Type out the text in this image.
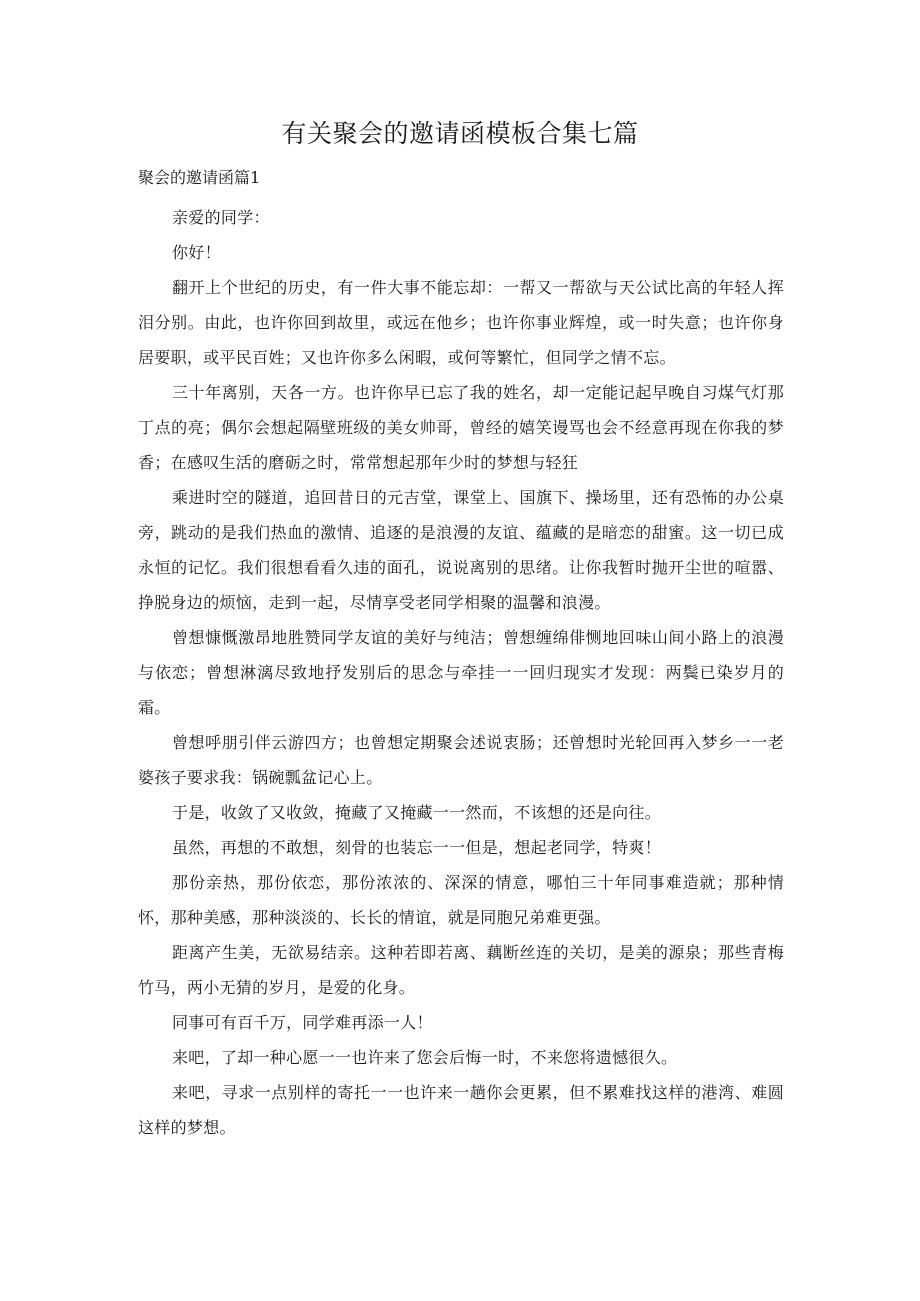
有关聚会的邀请函模板合集七篇

聚会的邀请函篇1

亲爱的同学：

你好！

翻开上个世纪的历史，有一件大事不能忘却：一帮又一帮欲与天公试比高的年轻人挥泪分别。由此，也许你回到故里，或远在他乡；也许你事业辉煌，或一时失意；也许你身居要职，或平民百姓；又也许你多么闲暇，或何等繁忙，但同学之情不忘。

三十年离别，天各一方。也许你早已忘了我的姓名，却一定能记起早晚自习煤气灯那丁点的亮；偶尔会想起隔壁班级的美女帅哥，曾经的嬉笑谩骂也会不经意再现在你我的梦香；在感叹生活的磨砺之时，常常想起那年少时的梦想与轻狂

乘进时空的隧道，追回昔日的元吉堂，课堂上、国旗下、操场里，还有恐怖的办公桌旁，跳动的是我们热血的激情、追逐的是浪漫的友谊、蕴藏的是暗恋的甜蜜。这一切已成永恒的记忆。我们很想看看久违的面孔，说说离别的思绪。让你我暂时抛开尘世的喧嚣、挣脱身边的烦恼，走到一起，尽情享受老同学相聚的温馨和浪漫。

曾想慷慨激昂地胜赞同学友谊的美好与纯洁；曾想缠绵俳恻地回味山间小路上的浪漫与依恋；曾想淋漓尽致地抒发别后的思念与牵挂一一回归现实才发现：两鬓已染岁月的霜。

曾想呼朋引伴云游四方；也曾想定期聚会述说衷肠；还曾想时光轮回再入梦乡一一老婆孩子要求我：锅碗瓢盆记心上。

于是，收敛了又收敛，掩藏了又掩藏一一然而，不该想的还是向往。

虽然，再想的不敢想，刻骨的也装忘一一但是，想起老同学，特爽！

那份亲热，那份依恋，那份浓浓的、深深的情意，哪怕三十年同事难造就；那种情怀，那种美感，那种淡淡的、长长的情谊，就是同胞兄弟难更强。

距离产生美，无欲易结亲。这种若即若离、藕断丝连的关切，是美的源泉；那些青梅竹马，两小无猜的岁月，是爱的化身。

同事可有百千万，同学难再添一人！

来吧，了却一种心愿一一也许来了您会后悔一时，不来您将遗憾很久。

来吧，寻求一点别样的寄托一一也许来一趟你会更累，但不累难找这样的港湾、难圆这样的梦想。
